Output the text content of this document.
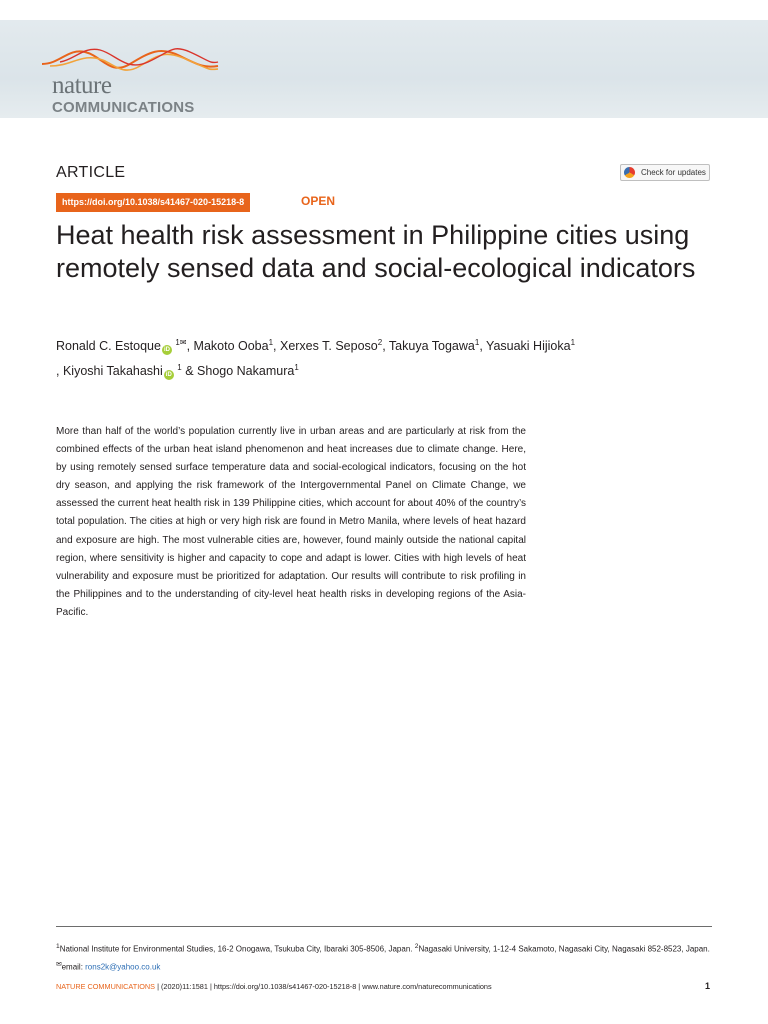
nature
COMMUNICATIONS
ARTICLE	Check for updates
https://doi.org/10.1038/s41467-020-15218-8	OPEN
Heat health risk assessment in Philippine cities using remotely sensed data and social-ecological indicators

Ronald C. Estoque iD $^{1✉}$, Makoto Ooba$^1$, Xerxes T. Seposo$^2$, Takuya Togawa$^1$, Yasuaki Hijioka$^1$
, Kiyoshi Takahashi iD $^1$ & Shogo Nakamura$^1$

More than half of the world’s population currently live in urban areas and are particularly at risk from the combined effects of the urban heat island phenomenon and heat increases due to climate change. Here, by using remotely sensed surface temperature data and social-ecological indicators, focusing on the hot dry season, and applying the risk framework of the Intergovernmental Panel on Climate Change, we assessed the current heat health risk in 139 Philippine cities, which account for about 40% of the country’s total population. The cities at high or very high risk are found in Metro Manila, where levels of heat hazard and exposure are high. The most vulnerable cities are, however, found mainly outside the national capital region, where sensitivity is higher and capacity to cope and adapt is lower. Cities with high levels of heat vulnerability and exposure must be prioritized for adaptation. Our results will contribute to risk profiling in the Philippines and to the understanding of city-level heat health risks in developing regions of the Asia-Pacific.

$^1$National Institute for Environmental Studies, 16-2 Onogawa, Tsukuba City, Ibaraki 305-8506, Japan. $^2$Nagasaki University, 1-12-4 Sakamoto, Nagasaki City, Nagasaki 852-8523, Japan. ✉email: rons2k@yahoo.co.uk

NATURE COMMUNICATIONS | (2020)11:1581 | https://doi.org/10.1038/s41467-020-15218-8 | www.nature.com/naturecommunications	1
